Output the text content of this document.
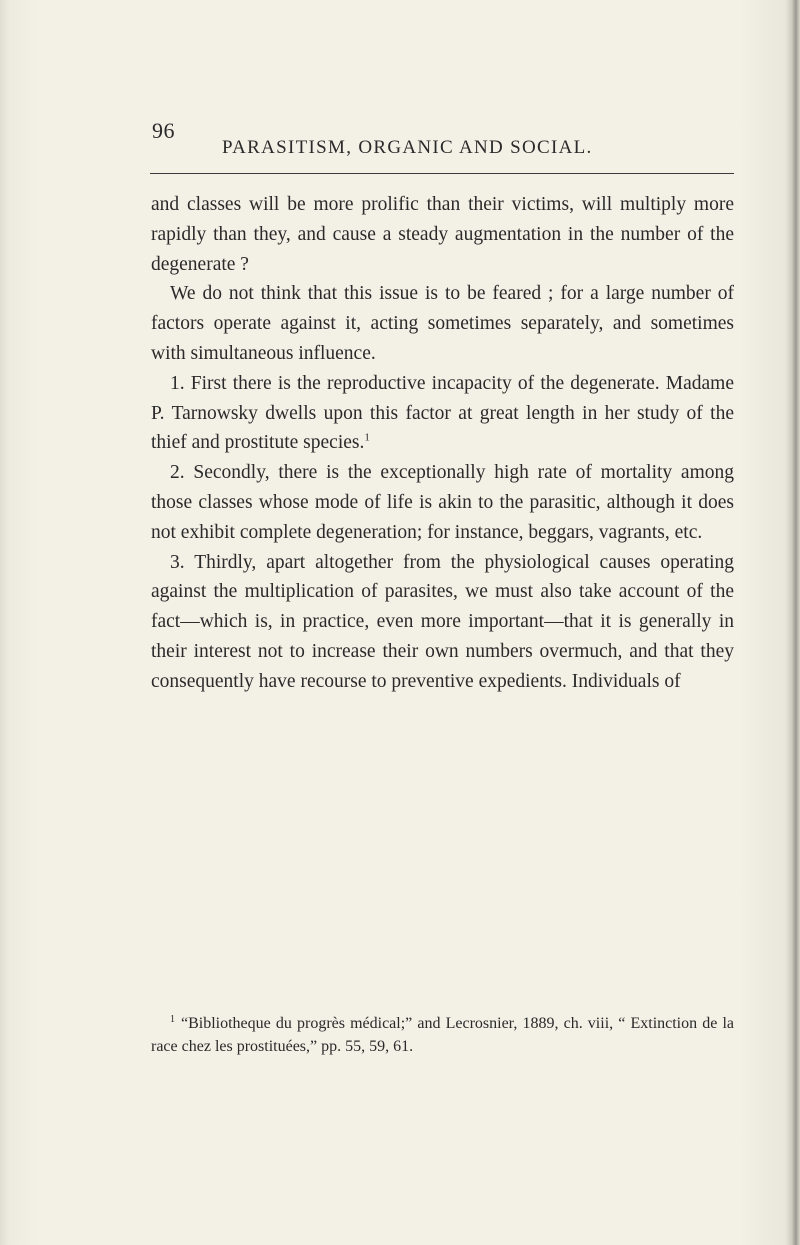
96
PARASITISM, ORGANIC AND SOCIAL.

and classes will be more prolific than their victims, will multiply more rapidly than they, and cause a steady augmentation in the number of the degenerate ?

We do not think that this issue is to be feared ; for a large number of factors operate against it, acting sometimes separately, and sometimes with simultaneous influence.

1. First there is the reproductive incapacity of the degenerate. Madame P. Tarnowsky dwells upon this factor at great length in her study of the thief and prostitute species.$^1$

2. Secondly, there is the exceptionally high rate of mortality among those classes whose mode of life is akin to the parasitic, although it does not exhibit complete degeneration; for instance, beggars, vagrants, etc.

3. Thirdly, apart altogether from the physiological causes operating against the multiplication of parasites, we must also take account of the fact—which is, in practice, even more important—that it is generally in their interest not to increase their own numbers overmuch, and that they consequently have recourse to preventive expedients. Individuals of

$^1$ “Bibliotheque du progrès médical;” and Lecrosnier, 1889, ch. viii, “ Extinction de la race chez les prostituées,” pp. 55, 59, 61.
